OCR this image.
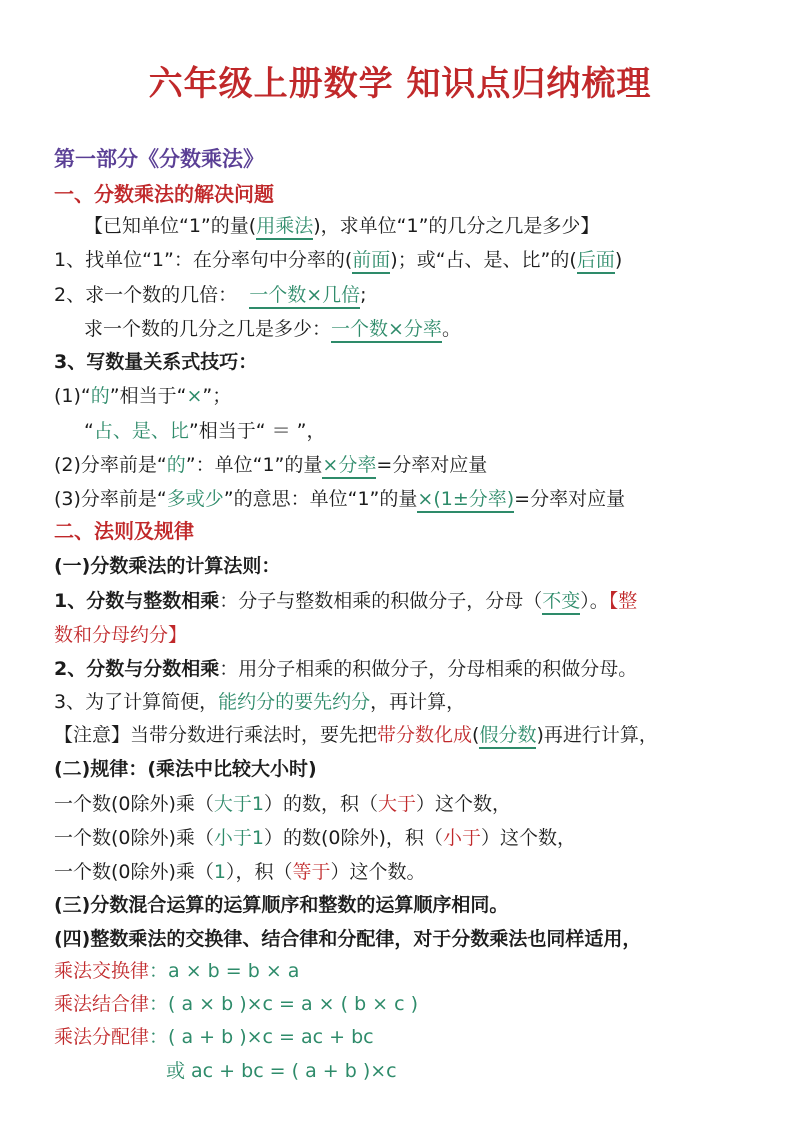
六年级上册数学 知识点归纳梳理
第一部分《分数乘法》
一、分数乘法的解决问题
【已知单位“1”的量(用乘法)，求单位“1”的几分之几是多少】
1、找单位“1”：在分率句中分率的(前面)；或“占、是、比”的(后面)
2、求一个数的几倍： 一个数×几倍;
求一个数的几分之几是多少：一个数×分率。
3、写数量关系式技巧：
(1)“的”相当于“×”；
“占、是、比”相当于“ ＝ ”，
(2)分率前是“的”：单位“1”的量×分率=分率对应量
(3)分率前是“多或少”的意思：单位“1”的量×(1±分率)=分率对应量
二、法则及规律
(一)分数乘法的计算法则：
1、分数与整数相乘：分子与整数相乘的积做分子，分母（不变）。【整
数和分母约分】
2、分数与分数相乘：用分子相乘的积做分子，分母相乘的积做分母。
3、为了计算简便，能约分的要先约分，再计算，
【注意】当带分数进行乘法时，要先把带分数化成(假分数)再进行计算，
(二)规律：(乘法中比较大小时)
一个数(0除外)乘（大于1）的数，积（大于）这个数，
一个数(0除外)乘（小于1）的数(0除外)，积（小于）这个数，
一个数(0除外)乘（1），积（等于）这个数。
(三)分数混合运算的运算顺序和整数的运算顺序相同。
(四)整数乘法的交换律、结合律和分配律，对于分数乘法也同样适用，
乘法交换律：a × b = b × a
乘法结合律：( a × b )×c = a × ( b × c )
乘法分配律：( a + b )×c = ac + bc
或 ac + bc = ( a + b )×c
